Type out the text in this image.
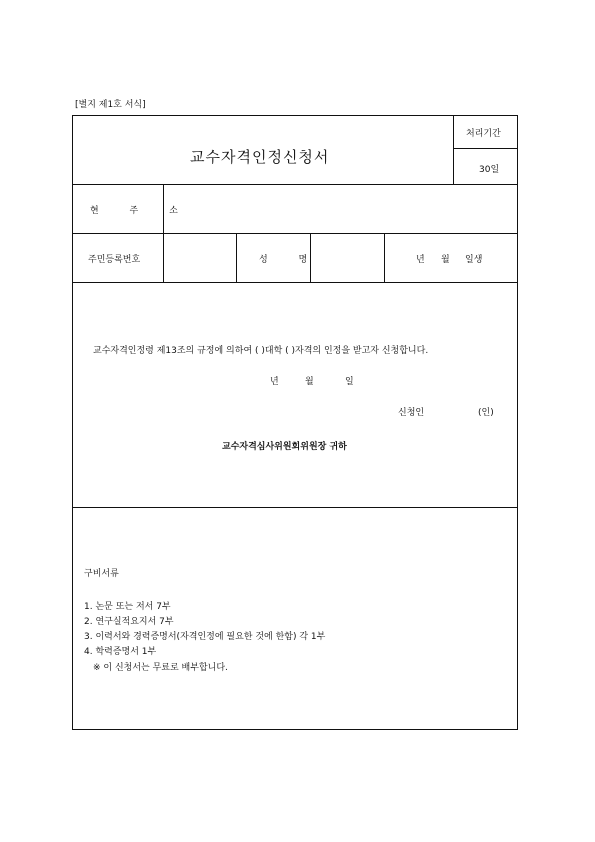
[별지 제1호 서식]
교수자격인정신청서
처리기간
30일
현 주 소
주민등록번호	성 명	년 월 일생
교수자격인정령 제13조의 규정에 의하여 ( )대학 ( )자격의 인정을 받고자 신청합니다.
년	월	일
신청인	(인)
교수자격심사위원회위원장 귀하
구비서류
1. 논문 또는 저서 7부
2. 연구실적요지서 7부
3. 이력서와 경력증명서(자격인정에 필요한 것에 한함) 각 1부
4. 학력증명서 1부
※ 이 신청서는 무료로 배부합니다.
